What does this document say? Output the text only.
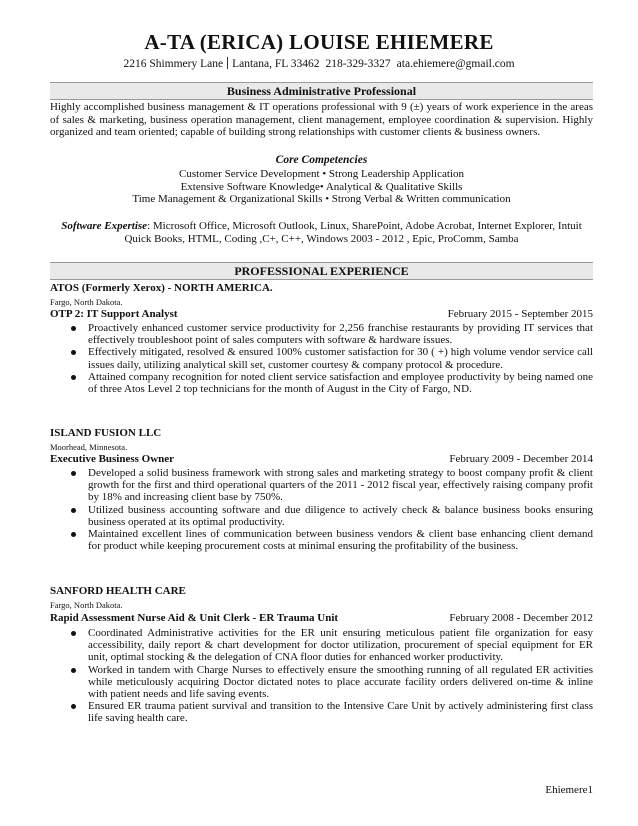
A-TA (ERICA) LOUISE EHIEMERE
2216 Shimmery Lane Lantana, FL 33462 218-329-3327 ata.ehiemere@gmail.com
Business Administrative Professional
Highly accomplished business management & IT operations professional with 9 (±) years of work experience in the areas of sales & marketing, business operation management, client management, employee coordination & supervision. Highly organized and team oriented; capable of building strong relationships with customer clients & business owners.
Core Competencies
Customer Service Development • Strong Leadership Application
Extensive Software Knowledge• Analytical & Qualitative Skills
Time Management & Organizational Skills • Strong Verbal & Written communication
Software Expertise: Microsoft Office, Microsoft Outlook, Linux, SharePoint, Adobe Acrobat, Internet Explorer, Intuit Quick Books, HTML, Coding ,C+, C++, Windows 2003 - 2012 , Epic, ProComm, Samba
PROFESSIONAL EXPERIENCE
ATOS (Formerly Xerox) - NORTH AMERICA.
Fargo, North Dakota.
OTP 2: IT Support Analyst	February 2015 - September 2015
Proactively enhanced customer service productivity for 2,256 franchise restaurants by providing IT services that effectively troubleshoot point of sales computers with software & hardware issues.
Effectively mitigated, resolved & ensured 100% customer satisfaction for 30 ( +) high volume vendor service call issues daily, utilizing analytical skill set, customer courtesy & company protocol & procedure.
Attained company recognition for noted client service satisfaction and employee productivity by being named one of three Atos Level 2 top technicians for the month of August in the City of Fargo, ND.
ISLAND FUSION LLC
Moorhead, Minnesota.
Executive Business Owner	February 2009 - December 2014
Developed a solid business framework with strong sales and marketing strategy to boost company profit & client growth for the first and third operational quarters of the 2011 - 2012 fiscal year, effectively raising company profit by 18% and increasing client base by 750%.
Utilized business accounting software and due diligence to actively check & balance business books ensuring business operated at its optimal productivity.
Maintained excellent lines of communication between business vendors & client base enhancing client demand for product while keeping procurement costs at minimal ensuring the profitability of the business.
SANFORD HEALTH CARE
Fargo, North Dakota.
Rapid Assessment Nurse Aid & Unit Clerk - ER Trauma Unit	February 2008 - December 2012
Coordinated Administrative activities for the ER unit ensuring meticulous patient file organization for easy accessibility, daily report & chart development for doctor utilization, procurement of special equipment for ER unit, optimal stocking & the delegation of CNA floor duties for enhanced worker productivity.
Worked in tandem with Charge Nurses to effectively ensure the smoothing running of all regulated ER activities while meticulously acquiring Doctor dictated notes to place accurate facility orders delivered on-time & inline with patient needs and life saving events.
Ensured ER trauma patient survival and transition to the Intensive Care Unit by actively administering first class life saving health care.
Ehiemere1
